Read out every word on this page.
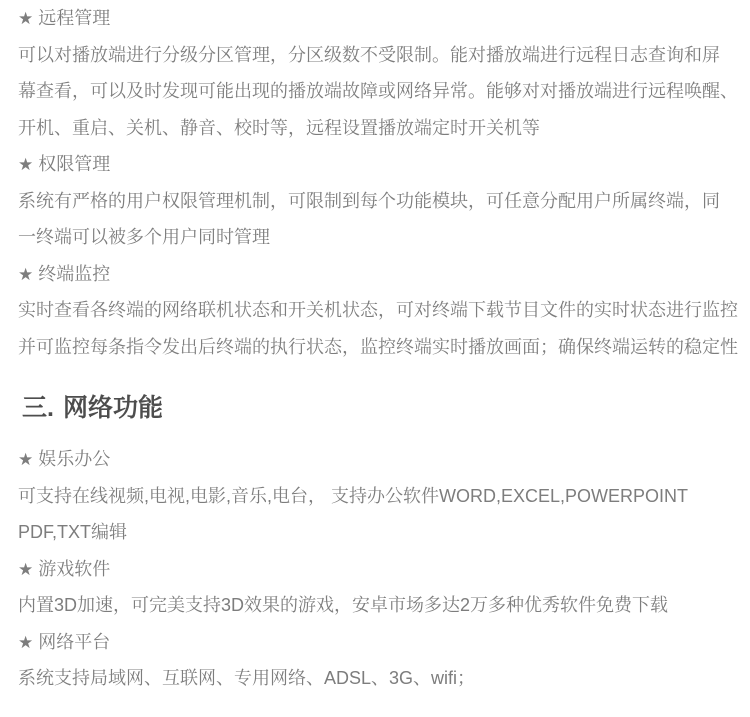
★ 远程管理
可以对播放端进行分级分区管理，分区级数不受限制。能对播放端进行远程日志查询和屏
幕查看，可以及时发现可能出现的播放端故障或网络异常。能够对对播放端进行远程唤醒、
开机、重启、关机、静音、校时等，远程设置播放端定时开关机等
★ 权限管理
系统有严格的用户权限管理机制，可限制到每个功能模块，可任意分配用户所属终端，同
一终端可以被多个用户同时管理
★ 终端监控
实时查看各终端的网络联机状态和开关机状态，可对终端下载节目文件的实时状态进行监控
并可监控每条指令发出后终端的执行状态，监控终端实时播放画面；确保终端运转的稳定性
三. 网络功能
★ 娱乐办公
可支持在线视频,电视,电影,音乐,电台， 支持办公软件WORD,EXCEL,POWERPOINT
PDF,TXT编辑
★ 游戏软件
内置3D加速，可完美支持3D效果的游戏，安卓市场多达2万多种优秀软件免费下载
★ 网络平台
系统支持局域网、互联网、专用网络、ADSL、3G、wifi；
